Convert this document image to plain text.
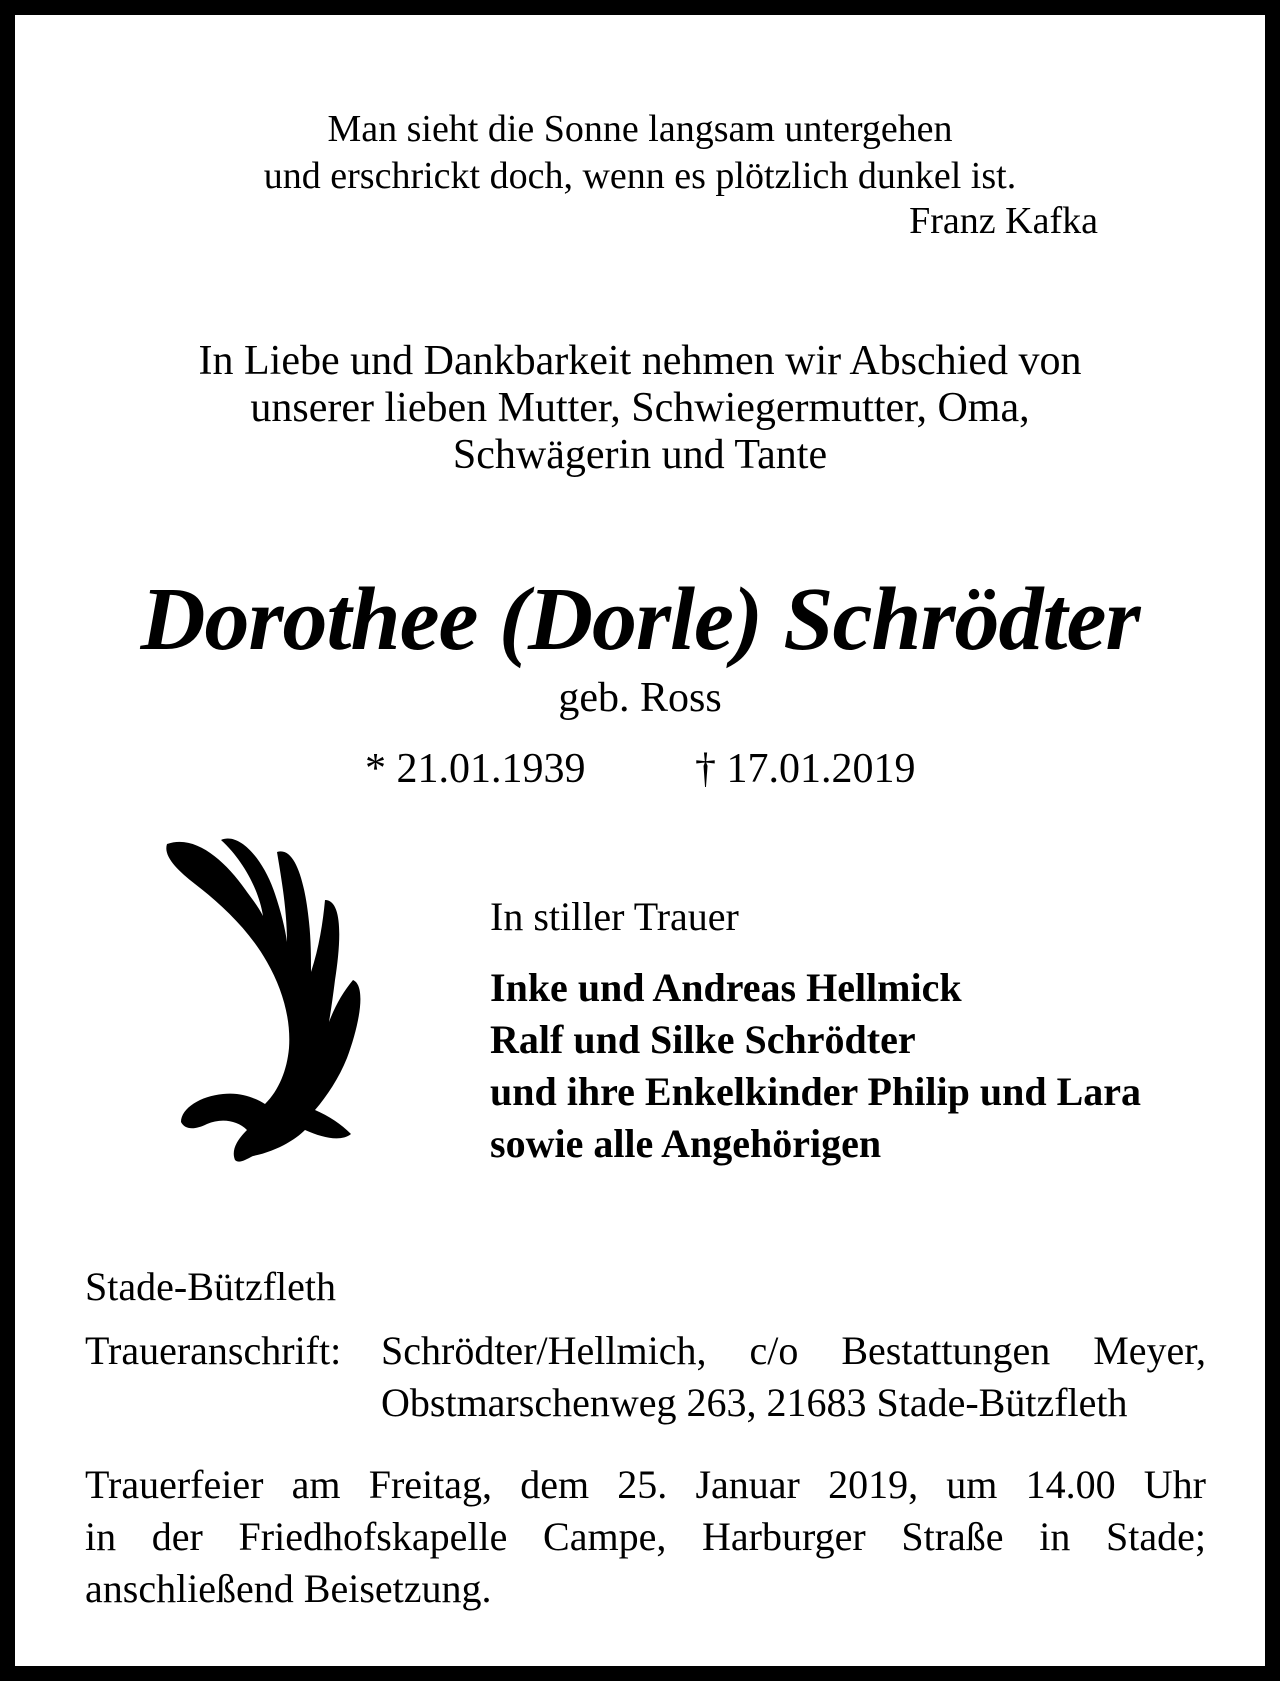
Man sieht die Sonne langsam untergehen
und erschrickt doch, wenn es plötzlich dunkel ist.
Franz Kafka
In Liebe und Dankbarkeit nehmen wir Abschied von
unserer lieben Mutter, Schwiegermutter, Oma,
Schwägerin und Tante
Dorothee (Dorle) Schrödter
geb. Ross
* 21.01.1939	† 17.01.2019
In stiller Trauer
Inke und Andreas Hellmick
Ralf und Silke Schrödter
und ihre Enkelkinder Philip und Lara
sowie alle Angehörigen
Stade-Bützfleth
Traueranschrift: Schrödter/Hellmich, c/o Bestattungen Meyer,
Obstmarschenweg 263, 21683 Stade-Bützfleth
Trauerfeier am Freitag, dem 25. Januar 2019, um 14.00 Uhr
in der Friedhofskapelle Campe, Harburger Straße in Stade;
anschließend Beisetzung.
